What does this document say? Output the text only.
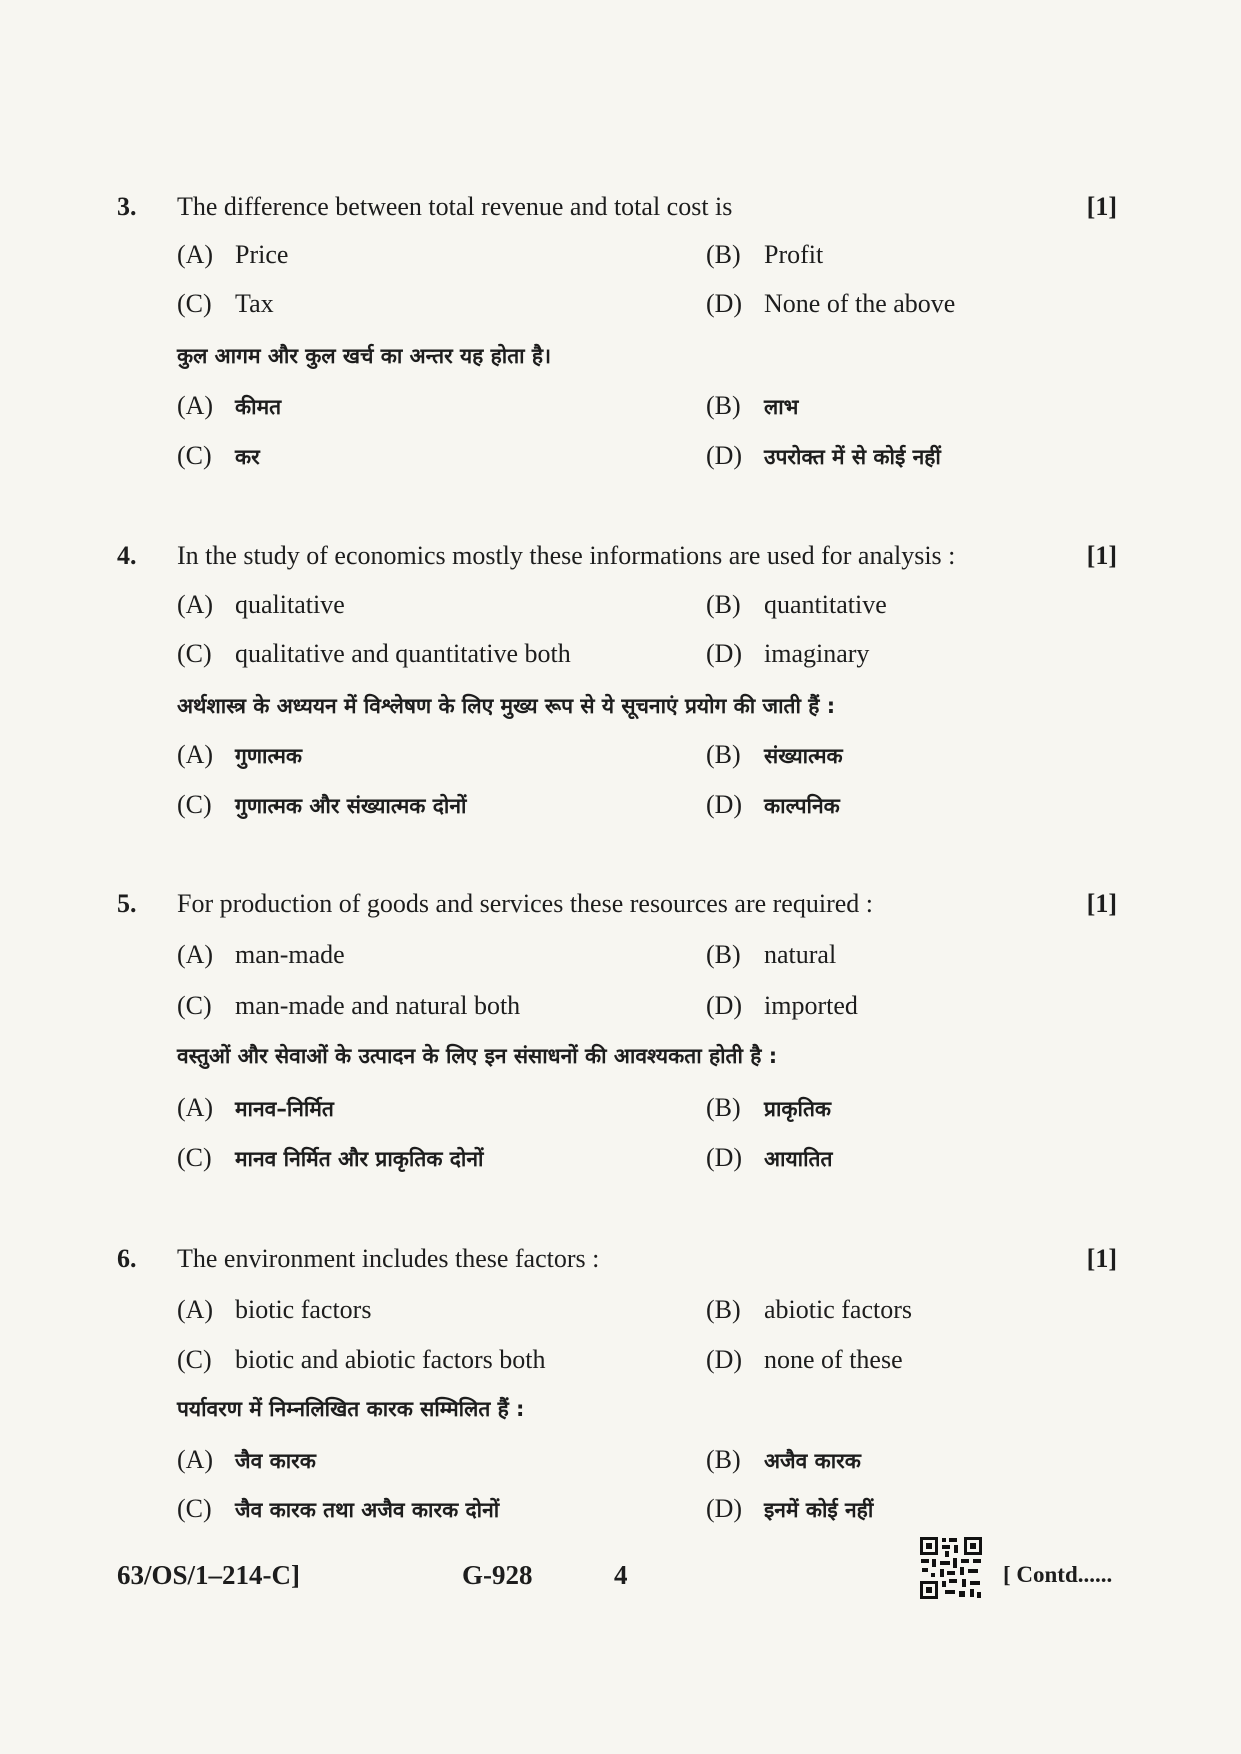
3. The difference between total revenue and total cost is	[1]
(A) Price	(B) Profit
(C) Tax	(D) None of the above
कुल आगम और कुल खर्च का अन्तर यह होता है।
(A) कीमत	(B) लाभ
(C) कर	(D) उपरोक्त में से कोई नहीं
4. In the study of economics mostly these informations are used for analysis :	[1]
(A) qualitative	(B) quantitative
(C) qualitative and quantitative both	(D) imaginary
अर्थशास्त्र के अध्ययन में विश्लेषण के लिए मुख्य रूप से ये सूचनाएं प्रयोग की जाती हैं :
(A) गुणात्मक	(B) संख्यात्मक
(C) गुणात्मक और संख्यात्मक दोनों	(D) काल्पनिक
5. For production of goods and services these resources are required :	[1]
(A) man-made	(B) natural
(C) man-made and natural both	(D) imported
वस्तुओं और सेवाओं के उत्पादन के लिए इन संसाधनों की आवश्यकता होती है :
(A) मानव–निर्मित	(B) प्राकृतिक
(C) मानव निर्मित और प्राकृतिक दोनों	(D) आयातित
6. The environment includes these factors :	[1]
(A) biotic factors	(B) abiotic factors
(C) biotic and abiotic factors both	(D) none of these
पर्यावरण में निम्नलिखित कारक सम्मिलित हैं :
(A) जैव कारक	(B) अजैव कारक
(C) जैव कारक तथा अजैव कारक दोनों	(D) इनमें कोई नहीं
63/OS/1–214-C]	G-928	4	[ Contd......
